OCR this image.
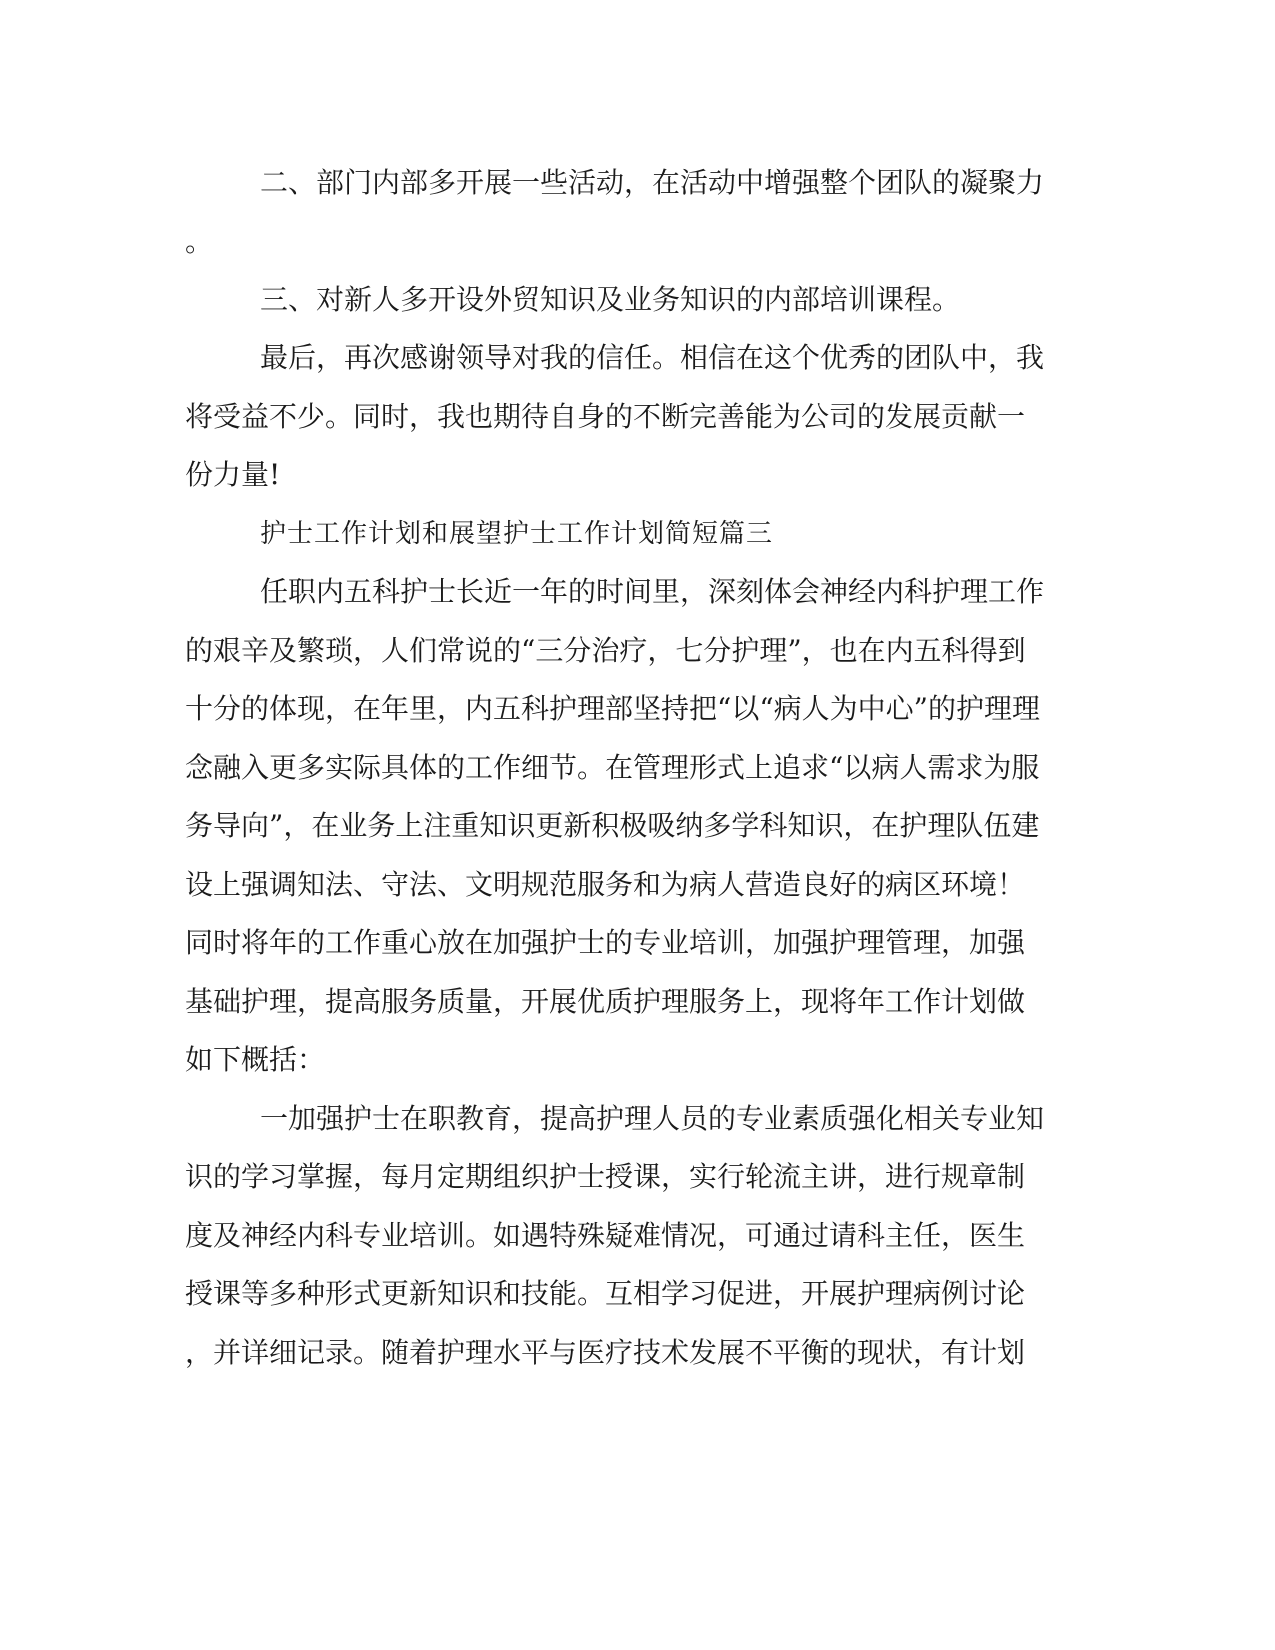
二、部门内部多开展一些活动，在活动中增强整个团队的凝聚力
。
三、对新人多开设外贸知识及业务知识的内部培训课程。
最后，再次感谢领导对我的信任。相信在这个优秀的团队中，我
将受益不少。同时，我也期待自身的不断完善能为公司的发展贡献一
份力量!
护士工作计划和展望护士工作计划简短篇三
任职内五科护士长近一年的时间里，深刻体会神经内科护理工作
的艰辛及繁琐，人们常说的“三分治疗，七分护理”，也在内五科得到
十分的体现，在年里，内五科护理部坚持把“以“病人为中心”的护理理
念融入更多实际具体的工作细节。在管理形式上追求“以病人需求为服
务导向”，在业务上注重知识更新积极吸纳多学科知识，在护理队伍建
设上强调知法、守法、文明规范服务和为病人营造良好的病区环境！
同时将年的工作重心放在加强护士的专业培训，加强护理管理，加强
基础护理，提高服务质量，开展优质护理服务上，现将年工作计划做
如下概括：
一加强护士在职教育，提高护理人员的专业素质强化相关专业知
识的学习掌握，每月定期组织护士授课，实行轮流主讲，进行规章制
度及神经内科专业培训。如遇特殊疑难情况，可通过请科主任，医生
授课等多种形式更新知识和技能。互相学习促进，开展护理病例讨论
，并详细记录。随着护理水平与医疗技术发展不平衡的现状，有计划
